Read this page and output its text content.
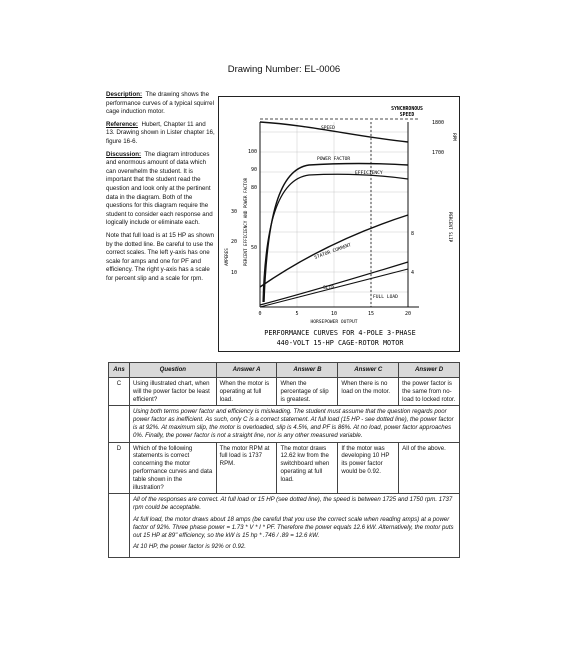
Drawing Number: EL-0006

Description: The drawing shows the performance curves of a typical squirrel cage induction motor.

Reference: Hubert, Chapter 11 and 13. Drawing shown in Lister chapter 16, figure 16-6.

Discussion: The diagram introduces and enormous amount of data which can overwhelm the student. It is important that the student read the question and look only at the pertinent data in the diagram. Both of the questions for this diagram require the student to consider each response and logically include or eliminate each.

Note that full load is at 15 HP as shown by the dotted line. Be careful to use the correct scales. The left y-axis has one scale for amps and one for PF and efficiency. The right y-axis has a scale for percent slip and a scale for rpm.

SYNCHRONOUS
SPEED
SPEED
POWER FACTOR
EFFICIENCY
STATOR CURRENT
SLIP
FULL LOAD
0	5	10	15	20
HORSEPOWER OUTPUT
10
20
30
50
80
90
100
1800
1700
4
8
AMPERES	PERCENT EFFICIENCY AND POWER FACTOR
RPM
PERCENT SLIP
PERFORMANCE CURVES FOR 4-POLE 3-PHASE
440-VOLT 15-HP CAGE-ROTOR MOTOR
Ans	Question	Answer A	Answer B	Answer C	Answer D
C	Using illustrated chart, when will the power factor be least efficient?	When the motor is operating at full load.	When the percentage of slip is greatest.	When there is no load on the motor.	the power factor is the same from no-load to locked rotor.
	Using both terms power factor and efficiency is misleading. The student must assume that the question regards poor power factor as inefficient. As such, only C is a correct statement. At full load (15 HP - see dotted line), the power factor is at 92%. At maximum slip, the motor is overloaded, slip is 4.5%, and PF is 86%. At no load, power factor approaches 0%. Finally, the power factor is not a straight line, nor is any other measured variable.				
D	Which of the following statements is correct concerning the motor performance curves and data table shown in the illustration?	The motor RPM at full load is 1737 RPM.	The motor draws 12.62 kw from the switchboard when operating at full load.	If the motor was developing 10 HP its power factor would be 0.92.	All of the above.

	All of the responses are correct. At full load or 15 HP (see dotted line), the speed is between 1725 and 1750 rpm. 1737 rpm could be acceptable.

At full load, the motor draws about 18 amps (be careful that you use the correct scale when reading amps) at a power factor of 92%. Three phase power = 1.73 * V * I * PF. Therefore the power equals 12.6 kW. Alternatively, the motor puts out 15 HP at 89" efficiency, so the kW is 15 hp * .746 / .89 = 12.6 kW.

At 10 HP, the power factor is 92% or 0.92.				
